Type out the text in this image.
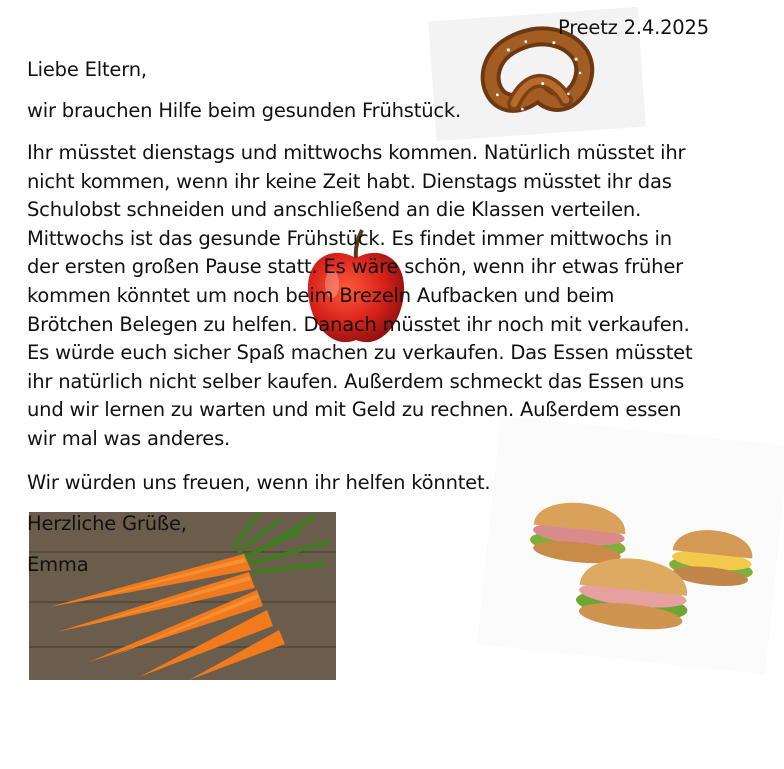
Preetz 2.4.2025
Liebe Eltern,
wir brauchen Hilfe beim gesunden Frühstück.
Ihr müsstet dienstags und mittwochs kommen. Natürlich müsstet ihr
nicht kommen, wenn ihr keine Zeit habt. Dienstags müsstet ihr das
Schulobst schneiden und anschließend an die Klassen verteilen.
Mittwochs ist das gesunde Frühstück. Es findet immer mittwochs in
der ersten großen Pause statt. Es wäre schön, wenn ihr etwas früher
kommen könntet um noch beim Brezeln Aufbacken und beim
Brötchen Belegen zu helfen. Danach müsstet ihr noch mit verkaufen.
Es würde euch sicher Spaß machen zu verkaufen. Das Essen müsstet
ihr natürlich nicht selber kaufen. Außerdem schmeckt das Essen uns
und wir lernen zu warten und mit Geld zu rechnen. Außerdem essen
wir mal was anderes.
Wir würden uns freuen, wenn ihr helfen könntet.
Herzliche Grüße,
Emma
